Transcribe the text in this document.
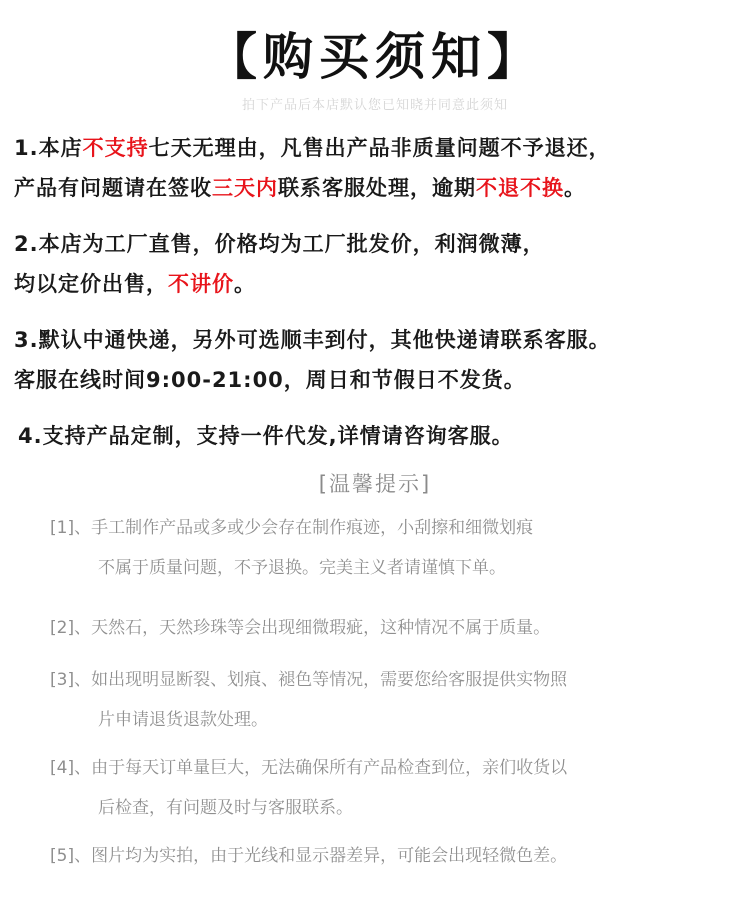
【购买须知】
拍下产品后本店默认您已知晓并同意此须知
1.本店不支持七天无理由，凡售出产品非质量问题不予退还，
产品有问题请在签收三天内联系客服处理，逾期不退不换。
2.本店为工厂直售，价格均为工厂批发价，利润微薄，
均以定价出售，不讲价。
3.默认中通快递，另外可选顺丰到付，其他快递请联系客服。
客服在线时间9:00-21:00，周日和节假日不发货。
4.支持产品定制，支持一件代发,详情请咨询客服。
[温馨提示]
[1]、手工制作产品或多或少会存在制作痕迹，小刮擦和细微划痕
不属于质量问题，不予退换。完美主义者请谨慎下单。
[2]、天然石，天然珍珠等会出现细微瑕疵，这种情况不属于质量。
[3]、如出现明显断裂、划痕、褪色等情况，需要您给客服提供实物照
片申请退货退款处理。
[4]、由于每天订单量巨大，无法确保所有产品检查到位，亲们收货以
后检查，有问题及时与客服联系。
[5]、图片均为实拍，由于光线和显示器差异，可能会出现轻微色差。
